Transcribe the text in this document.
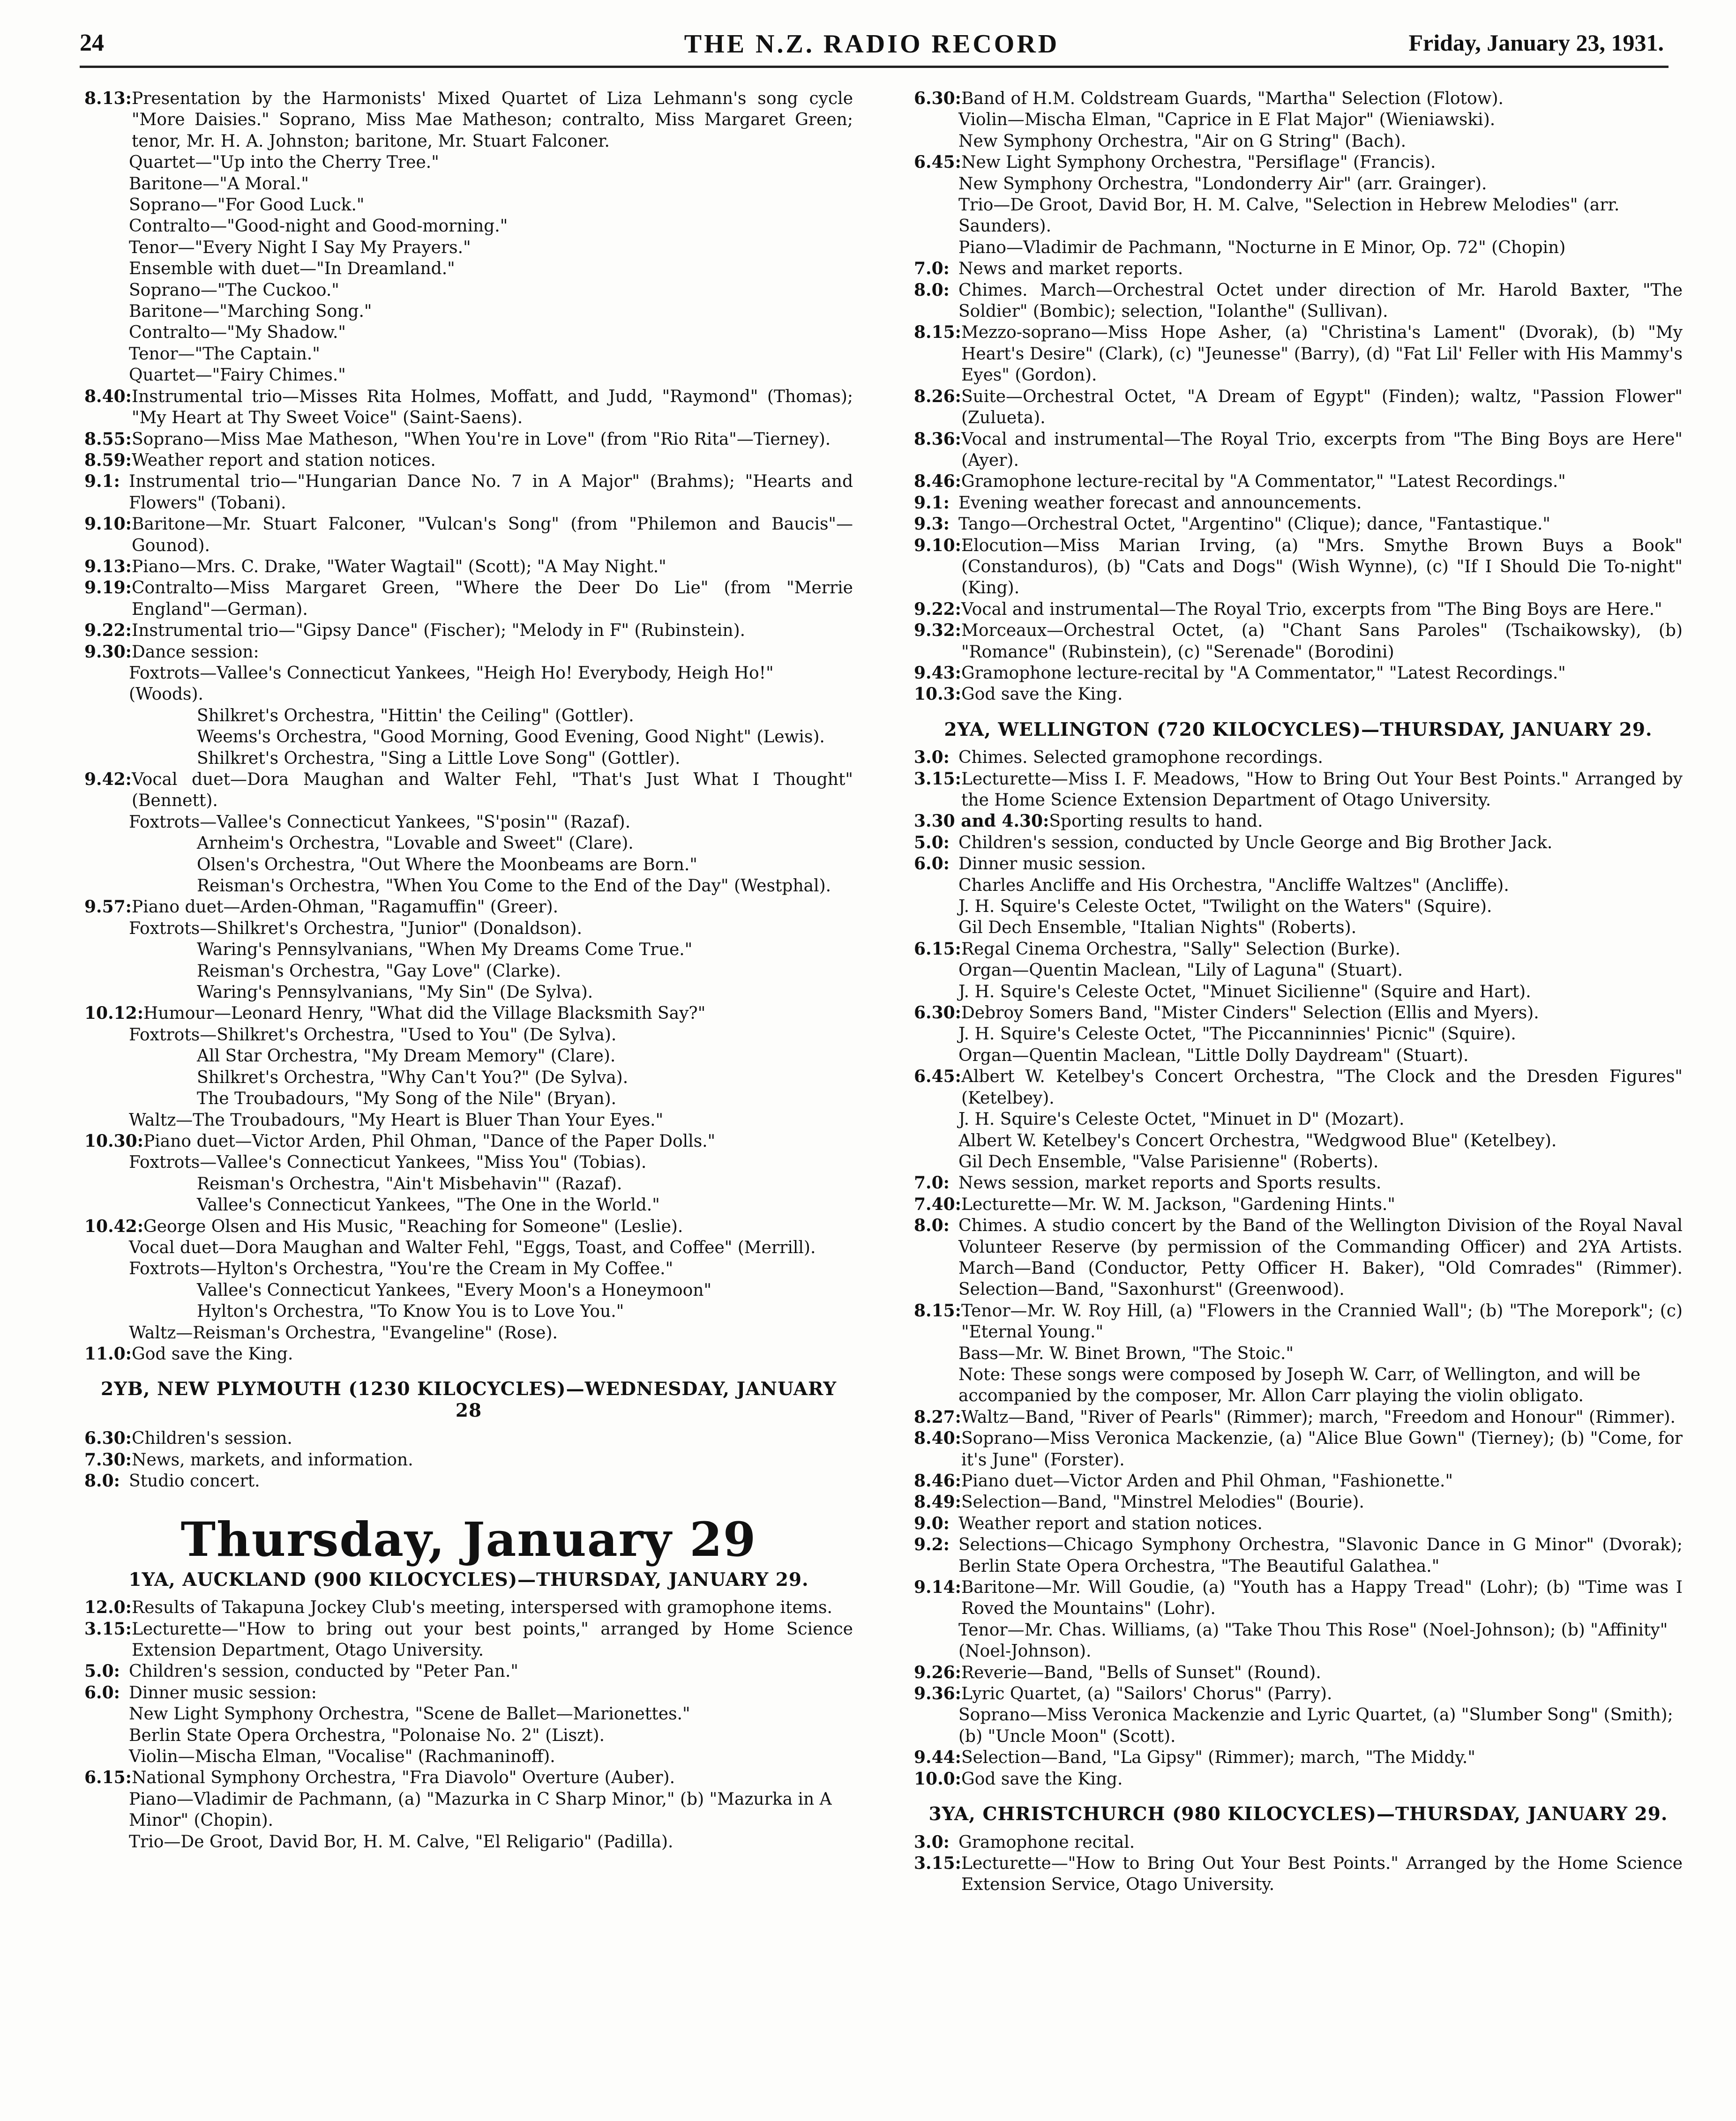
24	THE N.Z. RADIO RECORD	Friday, January 23, 1931.
8.13: Presentation by the Harmonists' Mixed Quartet of Liza Lehmann's song cycle "More Daisies." Soprano, Miss Mae Matheson; contralto, Miss Margaret Green; tenor, Mr. H. A. Johnston; baritone, Mr. Stuart Falconer.
Quartet—"Up into the Cherry Tree."
Baritone—"A Moral."
Soprano—"For Good Luck."
Contralto—"Good-night and Good-morning."
Tenor—"Every Night I Say My Prayers."
Ensemble with duet—"In Dreamland."
Soprano—"The Cuckoo."
Baritone—"Marching Song."
Contralto—"My Shadow."
Tenor—"The Captain."
Quartet—"Fairy Chimes."
8.40: Instrumental trio—Misses Rita Holmes, Moffatt, and Judd, "Raymond" (Thomas); "My Heart at Thy Sweet Voice" (Saint-Saens).
8.55: Soprano—Miss Mae Matheson, "When You're in Love" (from "Rio Rita"—Tierney).
8.59: Weather report and station notices.
9.1: Instrumental trio—"Hungarian Dance No. 7 in A Major" (Brahms); "Hearts and Flowers" (Tobani).
9.10: Baritone—Mr. Stuart Falconer, "Vulcan's Song" (from "Philemon and Baucis"—Gounod).
9.13: Piano—Mrs. C. Drake, "Water Wagtail" (Scott); "A May Night."
9.19: Contralto—Miss Margaret Green, "Where the Deer Do Lie" (from "Merrie England"—German).
9.22: Instrumental trio—"Gipsy Dance" (Fischer); "Melody in F" (Rubinstein).
9.30: Dance session:
Foxtrots—Vallee's Connecticut Yankees, "Heigh Ho! Everybody, Heigh Ho!" (Woods).
Shilkret's Orchestra, "Hittin' the Ceiling" (Gottler).
Weems's Orchestra, "Good Morning, Good Evening, Good Night" (Lewis).
Shilkret's Orchestra, "Sing a Little Love Song" (Gottler).
9.42: Vocal duet—Dora Maughan and Walter Fehl, "That's Just What I Thought" (Bennett).
Foxtrots—Vallee's Connecticut Yankees, "S'posin'" (Razaf).
Arnheim's Orchestra, "Lovable and Sweet" (Clare).
Olsen's Orchestra, "Out Where the Moonbeams are Born."
Reisman's Orchestra, "When You Come to the End of the Day" (Westphal).
9.57: Piano duet—Arden-Ohman, "Ragamuffin" (Greer).
Foxtrots—Shilkret's Orchestra, "Junior" (Donaldson).
Waring's Pennsylvanians, "When My Dreams Come True."
Reisman's Orchestra, "Gay Love" (Clarke).
Waring's Pennsylvanians, "My Sin" (De Sylva).
10.12: Humour—Leonard Henry, "What did the Village Blacksmith Say?"
Foxtrots—Shilkret's Orchestra, "Used to You" (De Sylva).
All Star Orchestra, "My Dream Memory" (Clare).
Shilkret's Orchestra, "Why Can't You?" (De Sylva).
The Troubadours, "My Song of the Nile" (Bryan).
Waltz—The Troubadours, "My Heart is Bluer Than Your Eyes."
10.30: Piano duet—Victor Arden, Phil Ohman, "Dance of the Paper Dolls."
Foxtrots—Vallee's Connecticut Yankees, "Miss You" (Tobias).
Reisman's Orchestra, "Ain't Misbehavin'" (Razaf).
Vallee's Connecticut Yankees, "The One in the World."
10.42: George Olsen and His Music, "Reaching for Someone" (Leslie).
Vocal duet—Dora Maughan and Walter Fehl, "Eggs, Toast, and Coffee" (Merrill).
Foxtrots—Hylton's Orchestra, "You're the Cream in My Coffee."
Vallee's Connecticut Yankees, "Every Moon's a Honeymoon"
Hylton's Orchestra, "To Know You is to Love You."
Waltz—Reisman's Orchestra, "Evangeline" (Rose).
11.0: God save the King.
2YB, NEW PLYMOUTH (1230 KILOCYCLES)—WEDNESDAY, JANUARY 28
6.30: Children's session.
7.30: News, markets, and information.
8.0: Studio concert.
Thursday, January 29
1YA, AUCKLAND (900 KILOCYCLES)—THURSDAY, JANUARY 29.
12.0: Results of Takapuna Jockey Club's meeting, interspersed with gramophone items.
3.15: Lecturette—"How to bring out your best points," arranged by Home Science Extension Department, Otago University.
5.0: Children's session, conducted by "Peter Pan."
6.0: Dinner music session:
New Light Symphony Orchestra, "Scene de Ballet—Marionettes."
Berlin State Opera Orchestra, "Polonaise No. 2" (Liszt).
Violin—Mischa Elman, "Vocalise" (Rachmaninoff).
6.15: National Symphony Orchestra, "Fra Diavolo" Overture (Auber).
Piano—Vladimir de Pachmann, (a) "Mazurka in C Sharp Minor," (b) "Mazurka in A Minor" (Chopin).
Trio—De Groot, David Bor, H. M. Calve, "El Religario" (Padilla).
6.30: Band of H.M. Coldstream Guards, "Martha" Selection (Flotow).
Violin—Mischa Elman, "Caprice in E Flat Major" (Wieniawski).
New Symphony Orchestra, "Air on G String" (Bach).
6.45: New Light Symphony Orchestra, "Persiflage" (Francis).
New Symphony Orchestra, "Londonderry Air" (arr. Grainger).
Trio—De Groot, David Bor, H. M. Calve, "Selection in Hebrew Melodies" (arr. Saunders).
Piano—Vladimir de Pachmann, "Nocturne in E Minor, Op. 72" (Chopin)
7.0: News and market reports.
8.0: Chimes. March—Orchestral Octet under direction of Mr. Harold Baxter, "The Soldier" (Bombic); selection, "Iolanthe" (Sullivan).
8.15: Mezzo-soprano—Miss Hope Asher, (a) "Christina's Lament" (Dvorak), (b) "My Heart's Desire" (Clark), (c) "Jeunesse" (Barry), (d) "Fat Lil' Feller with His Mammy's Eyes" (Gordon).
8.26: Suite—Orchestral Octet, "A Dream of Egypt" (Finden); waltz, "Passion Flower" (Zulueta).
8.36: Vocal and instrumental—The Royal Trio, excerpts from "The Bing Boys are Here" (Ayer).
8.46: Gramophone lecture-recital by "A Commentator," "Latest Recordings."
9.1: Evening weather forecast and announcements.
9.3: Tango—Orchestral Octet, "Argentino" (Clique); dance, "Fantastique."
9.10: Elocution—Miss Marian Irving, (a) "Mrs. Smythe Brown Buys a Book" (Constanduros), (b) "Cats and Dogs" (Wish Wynne), (c) "If I Should Die To-night" (King).
9.22: Vocal and instrumental—The Royal Trio, excerpts from "The Bing Boys are Here."
9.32: Morceaux—Orchestral Octet, (a) "Chant Sans Paroles" (Tschaikowsky), (b) "Romance" (Rubinstein), (c) "Serenade" (Borodini)
9.43: Gramophone lecture-recital by "A Commentator," "Latest Recordings."
10.3: God save the King.
2YA, WELLINGTON (720 KILOCYCLES)—THURSDAY, JANUARY 29.
3.0: Chimes. Selected gramophone recordings.
3.15: Lecturette—Miss I. F. Meadows, "How to Bring Out Your Best Points." Arranged by the Home Science Extension Department of Otago University.
3.30 and 4.30: Sporting results to hand.
5.0: Children's session, conducted by Uncle George and Big Brother Jack.
6.0: Dinner music session.
Charles Ancliffe and His Orchestra, "Ancliffe Waltzes" (Ancliffe).
J. H. Squire's Celeste Octet, "Twilight on the Waters" (Squire).
Gil Dech Ensemble, "Italian Nights" (Roberts).
6.15: Regal Cinema Orchestra, "Sally" Selection (Burke).
Organ—Quentin Maclean, "Lily of Laguna" (Stuart).
J. H. Squire's Celeste Octet, "Minuet Sicilienne" (Squire and Hart).
6.30: Debroy Somers Band, "Mister Cinders" Selection (Ellis and Myers).
J. H. Squire's Celeste Octet, "The Piccanninnies' Picnic" (Squire).
Organ—Quentin Maclean, "Little Dolly Daydream" (Stuart).
6.45: Albert W. Ketelbey's Concert Orchestra, "The Clock and the Dresden Figures" (Ketelbey).
J. H. Squire's Celeste Octet, "Minuet in D" (Mozart).
Albert W. Ketelbey's Concert Orchestra, "Wedgwood Blue" (Ketelbey).
Gil Dech Ensemble, "Valse Parisienne" (Roberts).
7.0: News session, market reports and Sports results.
7.40: Lecturette—Mr. W. M. Jackson, "Gardening Hints."
8.0: Chimes. A studio concert by the Band of the Wellington Division of the Royal Naval Volunteer Reserve (by permission of the Commanding Officer) and 2YA Artists. March—Band (Conductor, Petty Officer H. Baker), "Old Comrades" (Rimmer). Selection—Band, "Saxonhurst" (Greenwood).
8.15: Tenor—Mr. W. Roy Hill, (a) "Flowers in the Crannied Wall"; (b) "The Morepork"; (c) "Eternal Young."
Bass—Mr. W. Binet Brown, "The Stoic."
Note: These songs were composed by Joseph W. Carr, of Wellington, and will be accompanied by the composer, Mr. Allon Carr playing the violin obligato.
8.27: Waltz—Band, "River of Pearls" (Rimmer); march, "Freedom and Honour" (Rimmer).
8.40: Soprano—Miss Veronica Mackenzie, (a) "Alice Blue Gown" (Tierney); (b) "Come, for it's June" (Forster).
8.46: Piano duet—Victor Arden and Phil Ohman, "Fashionette."
8.49: Selection—Band, "Minstrel Melodies" (Bourie).
9.0: Weather report and station notices.
9.2: Selections—Chicago Symphony Orchestra, "Slavonic Dance in G Minor" (Dvorak); Berlin State Opera Orchestra, "The Beautiful Galathea."
9.14: Baritone—Mr. Will Goudie, (a) "Youth has a Happy Tread" (Lohr); (b) "Time was I Roved the Mountains" (Lohr).
Tenor—Mr. Chas. Williams, (a) "Take Thou This Rose" (Noel-Johnson); (b) "Affinity" (Noel-Johnson).
9.26: Reverie—Band, "Bells of Sunset" (Round).
9.36: Lyric Quartet, (a) "Sailors' Chorus" (Parry).
Soprano—Miss Veronica Mackenzie and Lyric Quartet, (a) "Slumber Song" (Smith); (b) "Uncle Moon" (Scott).
9.44: Selection—Band, "La Gipsy" (Rimmer); march, "The Middy."
10.0: God save the King.
3YA, CHRISTCHURCH (980 KILOCYCLES)—THURSDAY, JANUARY 29.
3.0: Gramophone recital.
3.15: Lecturette—"How to Bring Out Your Best Points." Arranged by the Home Science Extension Service, Otago University.
